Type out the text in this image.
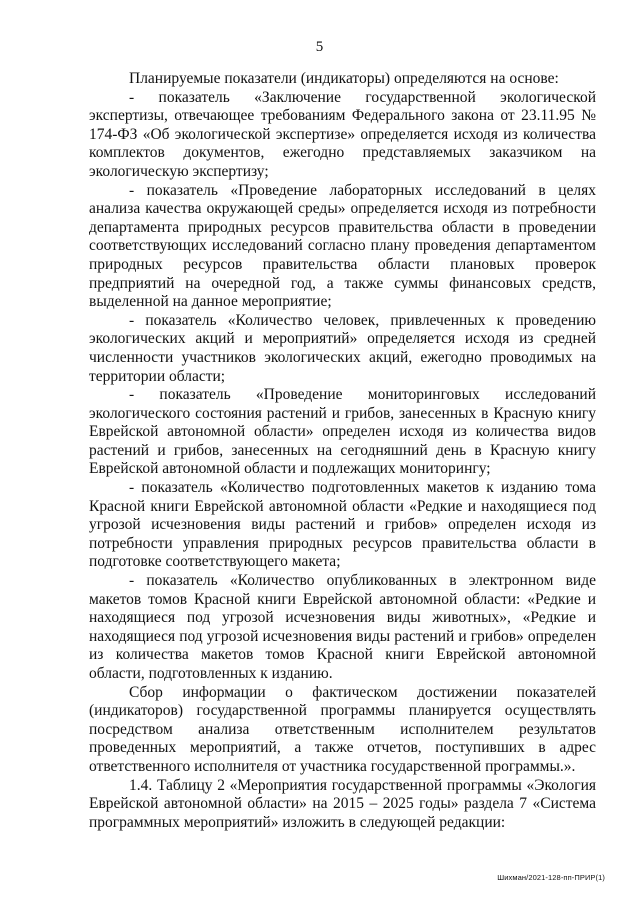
5

Планируемые показатели (индикаторы) определяются на основе:

- показатель «Заключение государственной экологической экспертизы, отвечающее требованиям Федерального закона от 23.11.95 № 174-ФЗ «Об экологической экспертизе» определяется исходя из количества комплектов документов, ежегодно представляемых заказчиком на экологическую экспертизу;

- показатель «Проведение лабораторных исследований в целях анализа качества окружающей среды» определяется исходя из потребности департамента природных ресурсов правительства области в проведении соответствующих исследований согласно плану проведения департаментом природных ресурсов правительства области плановых проверок предприятий на очередной год, а также суммы финансовых средств, выделенной на данное мероприятие;

- показатель «Количество человек, привлеченных к проведению экологических акций и мероприятий» определяется исходя из средней численности участников экологических акций, ежегодно проводимых на территории области;

- показатель «Проведение мониторинговых исследований экологического состояния растений и грибов, занесенных в Красную книгу Еврейской автономной области» определен исходя из количества видов растений и грибов, занесенных на сегодняшний день в Красную книгу Еврейской автономной области и подлежащих мониторингу;

- показатель «Количество подготовленных макетов к изданию тома Красной книги Еврейской автономной области «Редкие и находящиеся под угрозой исчезновения виды растений и грибов» определен исходя из потребности управления природных ресурсов правительства области в подготовке соответствующего макета;

- показатель «Количество опубликованных в электронном виде макетов томов Красной книги Еврейской автономной области: «Редкие и находящиеся под угрозой исчезновения виды животных», «Редкие и находящиеся под угрозой исчезновения виды растений и грибов» определен из количества макетов томов Красной книги Еврейской автономной области, подготовленных к изданию.

Сбор информации о фактическом достижении показателей (индикаторов) государственной программы планируется осуществлять посредством анализа ответственным исполнителем результатов проведенных мероприятий, а также отчетов, поступивших в адрес ответственного исполнителя от участника государственной программы.».

1.4. Таблицу 2 «Мероприятия государственной программы «Экология Еврейской автономной области» на 2015 – 2025 годы» раздела 7 «Система программных мероприятий» изложить в следующей редакции:

Шихман/2021-128-пп-ПРИР(1)
